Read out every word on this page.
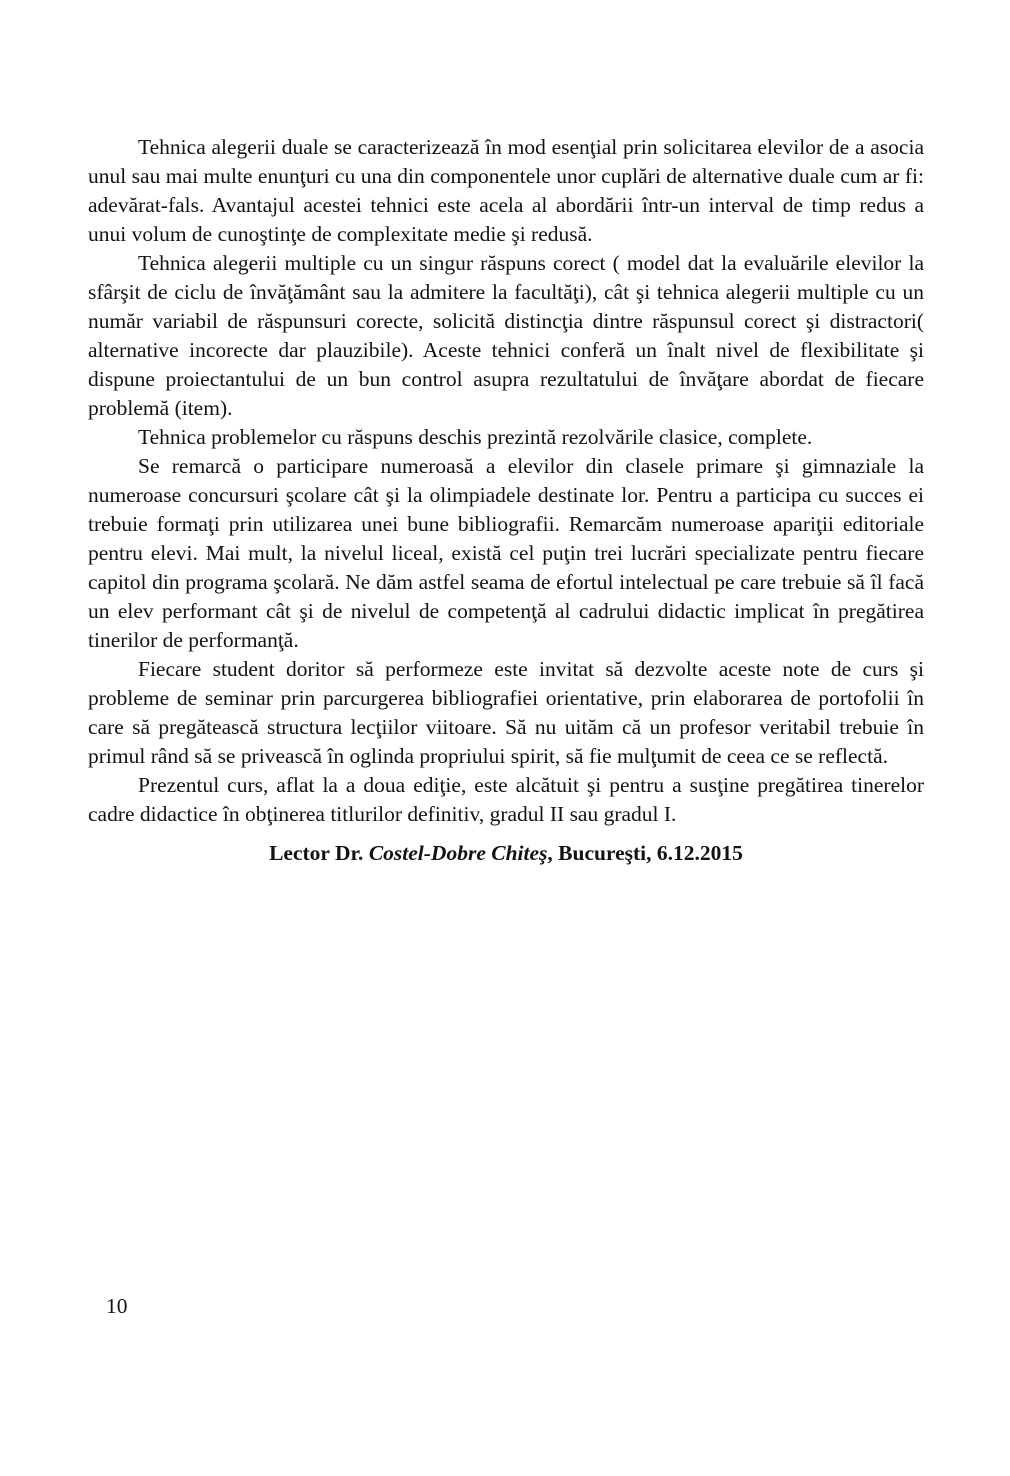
Tehnica alegerii duale se caracterizează în mod esenţial prin solicitarea elevilor de a asocia unul sau mai multe enunţuri cu una din componentele unor cuplări de alternative duale cum ar fi: adevărat-fals. Avantajul acestei tehnici este acela al abordării într-un interval de timp redus a unui volum de cunoştinţe de complexitate medie şi redusă.

Tehnica alegerii multiple cu un singur răspuns corect ( model dat la evaluările elevilor la sfârşit de ciclu de învăţământ sau la admitere la facultăţi), cât şi tehnica alegerii multiple cu un număr variabil de răspunsuri corecte, solicită distincţia dintre răspunsul corect şi distractori( alternative incorecte dar plauzibile). Aceste tehnici conferă un înalt nivel de flexibilitate şi dispune proiectantului de un bun control asupra rezultatului de învăţare abordat de fiecare problemă (item).

Tehnica problemelor cu răspuns deschis prezintă rezolvările clasice, complete.

Se remarcă o participare numeroasă a elevilor din clasele primare şi gimnaziale la numeroase concursuri şcolare cât şi la olimpiadele destinate lor. Pentru a participa cu succes ei trebuie formaţi prin utilizarea unei bune bibliografii. Remarcăm numeroase apariţii editoriale pentru elevi. Mai mult, la nivelul liceal, există cel puţin trei lucrări specializate pentru fiecare capitol din programa şcolară. Ne dăm astfel seama de efortul intelectual pe care trebuie să îl facă un elev performant cât şi de nivelul de competenţă al cadrului didactic implicat în pregătirea tinerilor de performanţă.

Fiecare student doritor să performeze este invitat să dezvolte aceste note de curs şi probleme de seminar prin parcurgerea bibliografiei orientative, prin elaborarea de portofolii în care să pregătească structura lecţiilor viitoare. Să nu uităm că un profesor veritabil trebuie în primul rând să se privească în oglinda propriului spirit, să fie mulţumit de ceea ce se reflectă.

Prezentul curs, aflat la a doua ediţie, este alcătuit şi pentru a susţine pregătirea tinerelor cadre didactice în obţinerea titlurilor definitiv, gradul II sau gradul I.

Lector Dr. Costel-Dobre Chiteş, Bucureşti, 6.12.2015

10
